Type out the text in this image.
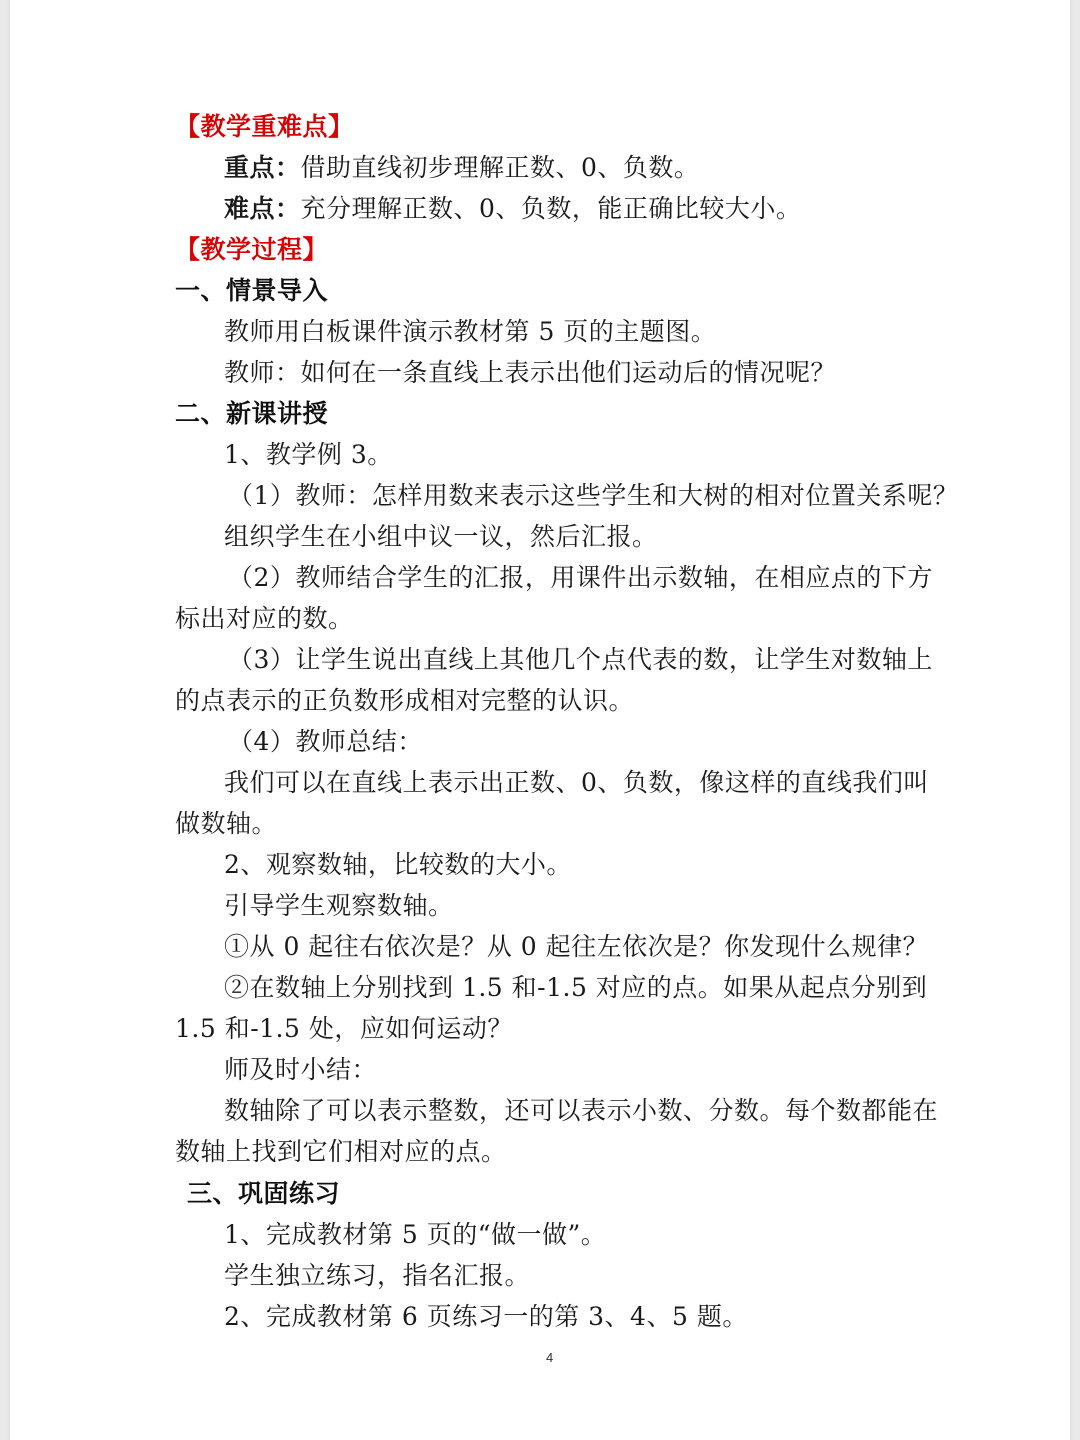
【教学重难点】
重点：借助直线初步理解正数、0、负数。
难点：充分理解正数、0、负数，能正确比较大小。
【教学过程】
一、情景导入
教师用白板课件演示教材第 5 页的主题图。
教师：如何在一条直线上表示出他们运动后的情况呢？
二、新课讲授
1、教学例 3。
（1）教师：怎样用数来表示这些学生和大树的相对位置关系呢？
组织学生在小组中议一议，然后汇报。
（2）教师结合学生的汇报，用课件出示数轴，在相应点的下方
标出对应的数。
（3）让学生说出直线上其他几个点代表的数，让学生对数轴上
的点表示的正负数形成相对完整的认识。
（4）教师总结：
我们可以在直线上表示出正数、0、负数，像这样的直线我们叫
做数轴。
2、观察数轴，比较数的大小。
引导学生观察数轴。
①从 0 起往右依次是？从 0 起往左依次是？你发现什么规律？
②在数轴上分别找到 1.5 和-1.5 对应的点。如果从起点分别到
1.5 和-1.5 处，应如何运动？
师及时小结：
数轴除了可以表示整数，还可以表示小数、分数。每个数都能在
数轴上找到它们相对应的点。
三、巩固练习
1、完成教材第 5 页的“做一做”。
学生独立练习，指名汇报。
2、完成教材第 6 页练习一的第 3、4、5 题。
4
